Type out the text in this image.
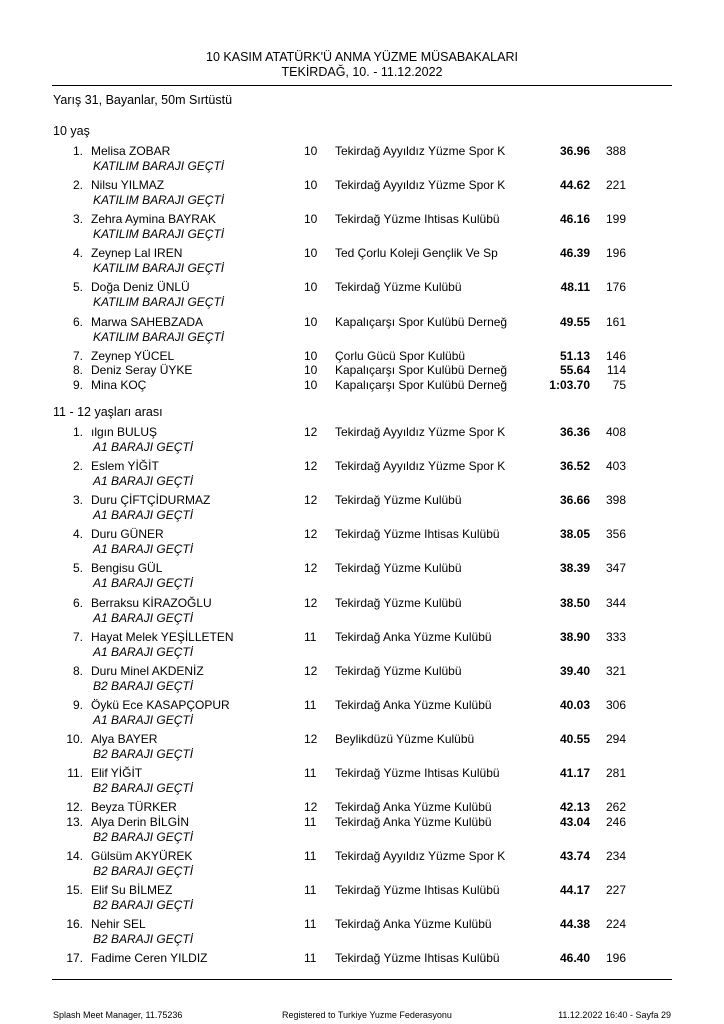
10 KASIM ATATÜRK'Ü ANMA YÜZME MÜSABAKALARI
TEKİRDAĞ, 10. - 11.12.2022
Yarış 31, Bayanlar, 50m Sırtüstü
10 yaş
1. Melisa ZOBAR	10 Tekirdağ Ayyıldız Yüzme Spor K	36.96 388
KATILIM BARAJI GEÇTİ
2. Nilsu YILMAZ	10 Tekirdağ Ayyıldız Yüzme Spor K	44.62 221
KATILIM BARAJI GEÇTİ
3. Zehra Aymina BAYRAK	10 Tekirdağ Yüzme Ihtisas Kulübü	46.16 199
KATILIM BARAJI GEÇTİ
4. Zeynep Lal IREN	10 Ted Çorlu Koleji Gençlik Ve Sp	46.39 196
KATILIM BARAJI GEÇTİ
5. Doğa Deniz ÜNLÜ	10 Tekirdağ Yüzme Kulübü	48.11 176
KATILIM BARAJI GEÇTİ
6. Marwa SAHEBZADA	10 Kapalıçarşı Spor Kulübü Derneğ	49.55 161
KATILIM BARAJI GEÇTİ
7. Zeynep YÜCEL	10 Çorlu Gücü Spor Kulübü	51.13 146
8. Deniz Seray ÜYKE	10 Kapalıçarşı Spor Kulübü Derneğ	55.64 114
9. Mina KOÇ	10 Kapalıçarşı Spor Kulübü Derneğ	1:03.70 75
11 - 12 yaşları arası
1. ılgın BULUŞ	12 Tekirdağ Ayyıldız Yüzme Spor K	36.36 408
A1 BARAJI GEÇTİ
2. Eslem YİĞİT	12 Tekirdağ Ayyıldız Yüzme Spor K	36.52 403
A1 BARAJI GEÇTİ
3. Duru ÇİFTÇİDURMAZ	12 Tekirdağ Yüzme Kulübü	36.66 398
A1 BARAJI GEÇTİ
4. Duru GÜNER	12 Tekirdağ Yüzme Ihtisas Kulübü	38.05 356
A1 BARAJI GEÇTİ
5. Bengisu GÜL	12 Tekirdağ Yüzme Kulübü	38.39 347
A1 BARAJI GEÇTİ
6. Berraksu KİRAZOĞLU	12 Tekirdağ Yüzme Kulübü	38.50 344
A1 BARAJI GEÇTİ
7. Hayat Melek YEŞİLLETEN	11 Tekirdağ Anka Yüzme Kulübü	38.90 333
A1 BARAJI GEÇTİ
8. Duru Minel AKDENİZ	12 Tekirdağ Yüzme Kulübü	39.40 321
B2 BARAJI GEÇTİ
9. Öykü Ece KASAPÇOPUR	11 Tekirdağ Anka Yüzme Kulübü	40.03 306
A1 BARAJI GEÇTİ
10. Alya BAYER	12 Beylikdüzü Yüzme Kulübü	40.55 294
B2 BARAJI GEÇTİ
11. Elif YİĞİT	11 Tekirdağ Yüzme Ihtisas Kulübü	41.17 281
B2 BARAJI GEÇTİ
12. Beyza TÜRKER	12 Tekirdağ Anka Yüzme Kulübü	42.13 262
13. Alya Derin BİLGİN	11 Tekirdağ Anka Yüzme Kulübü	43.04 246
B2 BARAJI GEÇTİ
14. Gülsüm AKYÜREK	11 Tekirdağ Ayyıldız Yüzme Spor K	43.74 234
B2 BARAJI GEÇTİ
15. Elif Su BİLMEZ	11 Tekirdağ Yüzme Ihtisas Kulübü	44.17 227
B2 BARAJI GEÇTİ
16. Nehir SEL	11 Tekirdağ Anka Yüzme Kulübü	44.38 224
B2 BARAJI GEÇTİ
17. Fadime Ceren YILDIZ	11 Tekirdağ Yüzme Ihtisas Kulübü	46.40 196
Splash Meet Manager, 11.75236	Registered to Turkiye Yuzme Federasyonu	11.12.2022 16:40 - Sayfa 29
